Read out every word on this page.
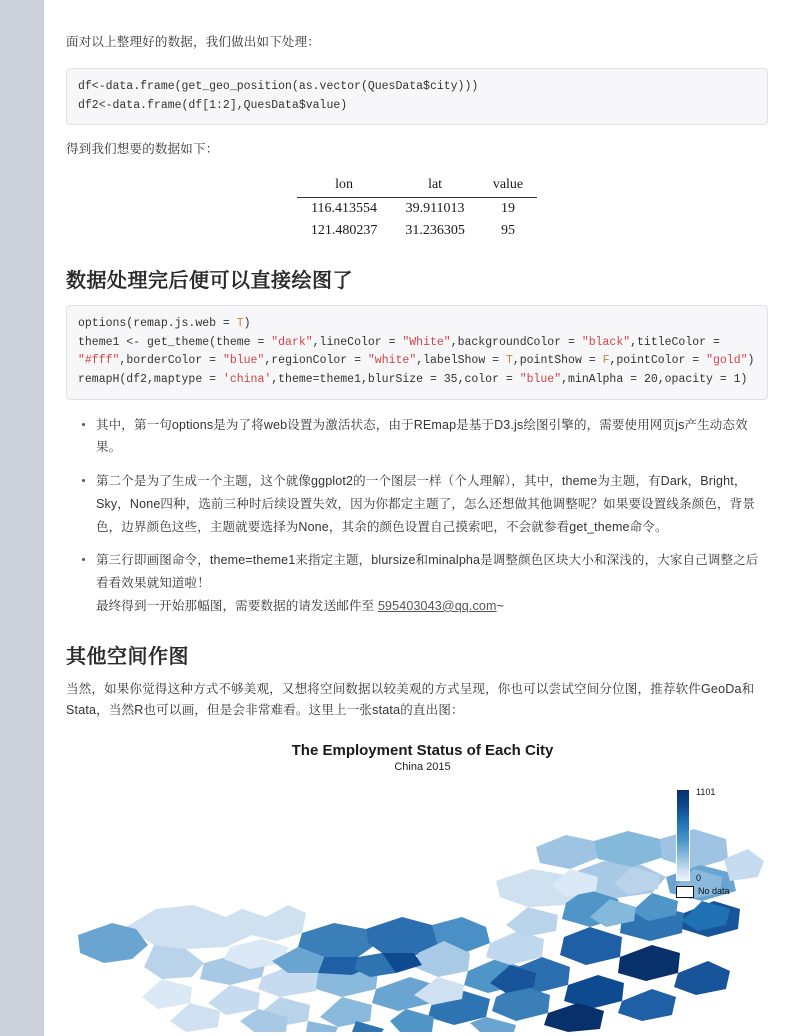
面对以上整理好的数据，我们做出如下处理：

df<-data.frame(get_geo_position(as.vector(QuesData$city)))
df2<-data.frame(df[1:2],QuesData$value)

得到我们想要的数据如下：

lon	lat	value
116.413554	39.911013	19
121.480237	31.236305	95
数据处理完后便可以直接绘图了
options(remap.js.web = T)
theme1 <- get_theme(theme = "dark",lineColor = "White",backgroundColor = "black",titleColor =
"#fff",borderColor = "blue",regionColor = "white",labelShow = T,pointShow = F,pointColor = "gold")
remapH(df2,maptype = 'china',theme=theme1,blurSize = 35,color = "blue",minAlpha = 20,opacity = 1)
其中，第一句options是为了将web设置为激活状态，由于REmap是基于D3.js绘图引擎的，需要使用网页js产生动态效果。
第二个是为了生成一个主题，这个就像ggplot2的一个图层一样（个人理解），其中，theme为主题，有Dark，Bright，Sky，None四种，选前三种时后续设置失效，因为你都定主题了，怎么还想做其他调整呢？如果要设置线条颜色，背景色，边界颜色这些，主题就要选择为None，其余的颜色设置自己摸索吧，不会就参看get_theme命令。
第三行即画图命令，theme=theme1来指定主题，blursize和minalpha是调整颜色区块大小和深浅的，大家自己调整之后看看效果就知道啦！
最终得到一开始那幅图，需要数据的请发送邮件至 595403043@qq.com~
其他空间作图

当然，如果你觉得这种方式不够美观，又想将空间数据以较美观的方式呈现，你也可以尝试空间分位图，推荐软件GeoDa和Stata，当然R也可以画，但是会非常难看。这里上一张stata的直出图：

The Employment Status of Each City
China 2015
1101
0
No data
